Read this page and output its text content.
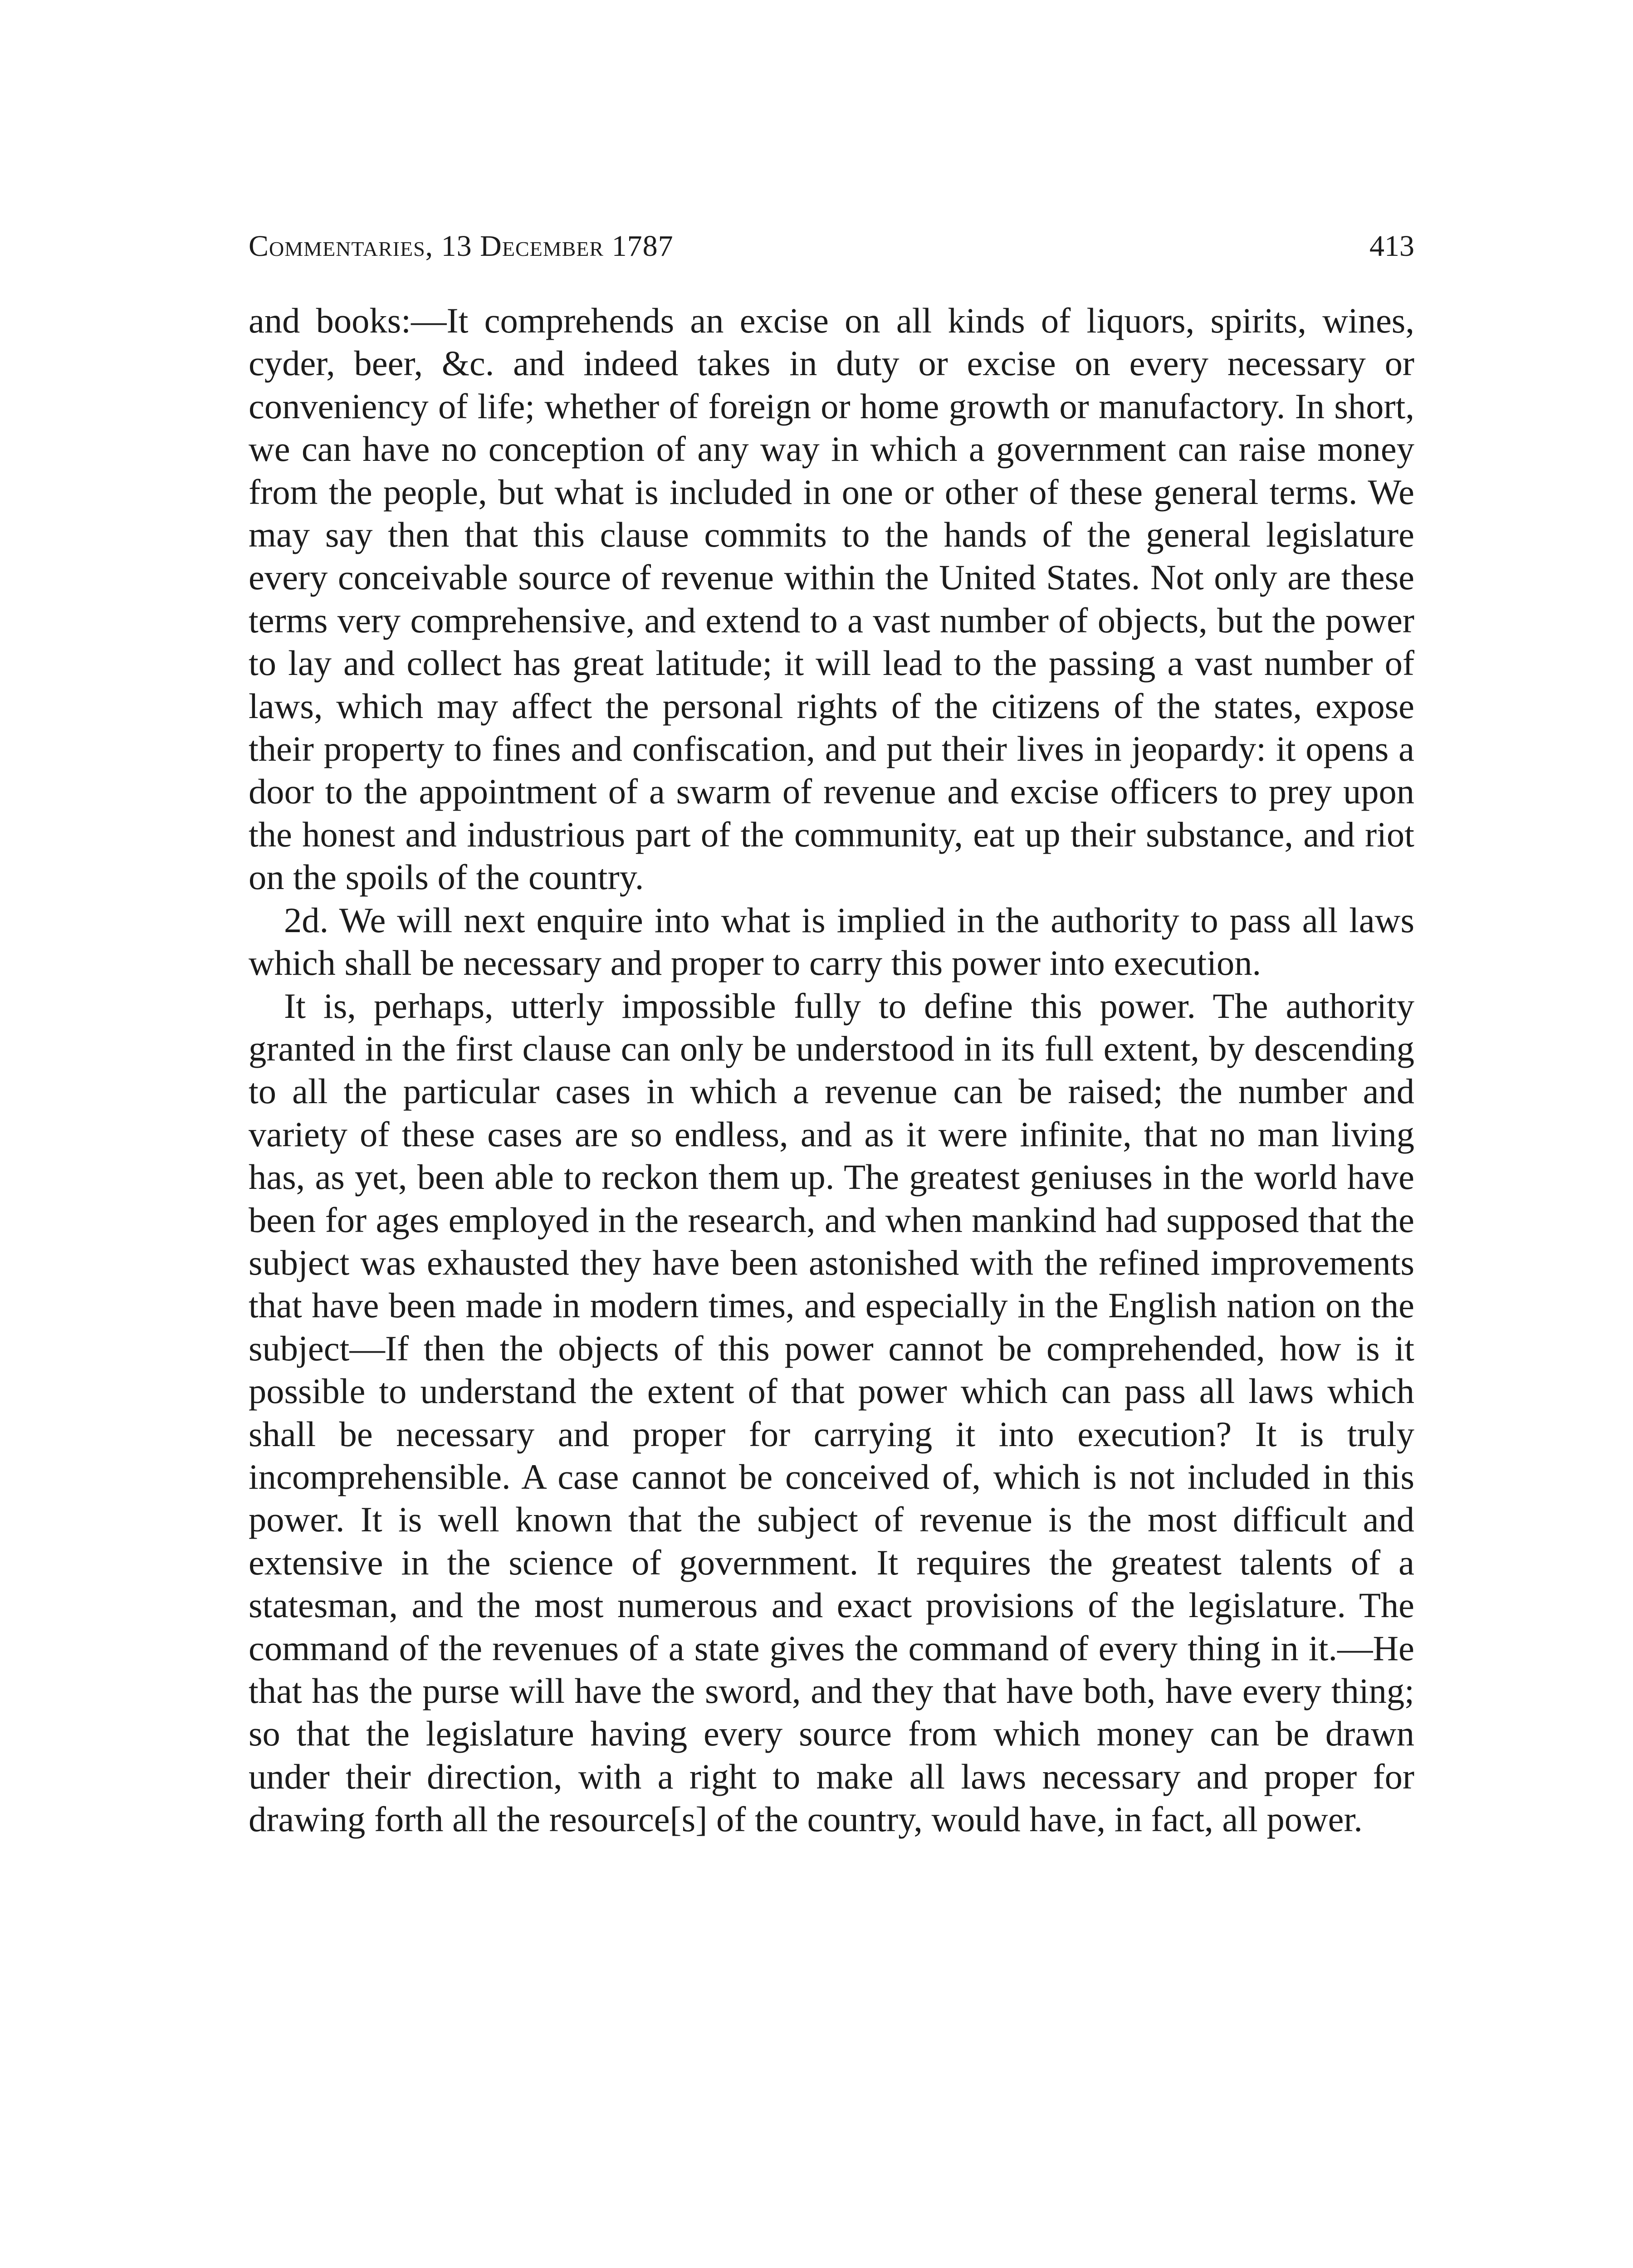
Commentaries, 13 December 1787	413

and books:—It comprehends an excise on all kinds of liquors, spirits, wines, cyder, beer, &c. and indeed takes in duty or excise on every necessary or conveniency of life; whether of foreign or home growth or manufactory. In short, we can have no conception of any way in which a government can raise money from the people, but what is included in one or other of these general terms. We may say then that this clause commits to the hands of the general legislature every conceivable source of revenue within the United States. Not only are these terms very comprehensive, and extend to a vast number of objects, but the power to lay and collect has great latitude; it will lead to the passing a vast number of laws, which may affect the personal rights of the citizens of the states, expose their property to fines and confiscation, and put their lives in jeopardy: it opens a door to the appointment of a swarm of revenue and excise officers to prey upon the honest and industrious part of the community, eat up their substance, and riot on the spoils of the country.

2d. We will next enquire into what is implied in the authority to pass all laws which shall be necessary and proper to carry this power into execution.

It is, perhaps, utterly impossible fully to define this power. The authority granted in the first clause can only be understood in its full extent, by descending to all the particular cases in which a revenue can be raised; the number and variety of these cases are so endless, and as it were infinite, that no man living has, as yet, been able to reckon them up. The greatest geniuses in the world have been for ages employed in the research, and when mankind had supposed that the subject was exhausted they have been astonished with the refined improvements that have been made in modern times, and especially in the English nation on the subject—If then the objects of this power cannot be comprehended, how is it possible to understand the extent of that power which can pass all laws which shall be necessary and proper for carrying it into execution? It is truly incomprehensible. A case cannot be conceived of, which is not included in this power. It is well known that the subject of revenue is the most difficult and extensive in the science of government. It requires the greatest talents of a statesman, and the most numerous and exact provisions of the legislature. The command of the revenues of a state gives the command of every thing in it.—He that has the purse will have the sword, and they that have both, have every thing; so that the legislature having every source from which money can be drawn under their direction, with a right to make all laws necessary and proper for drawing forth all the resource[s] of the country, would have, in fact, all power.
